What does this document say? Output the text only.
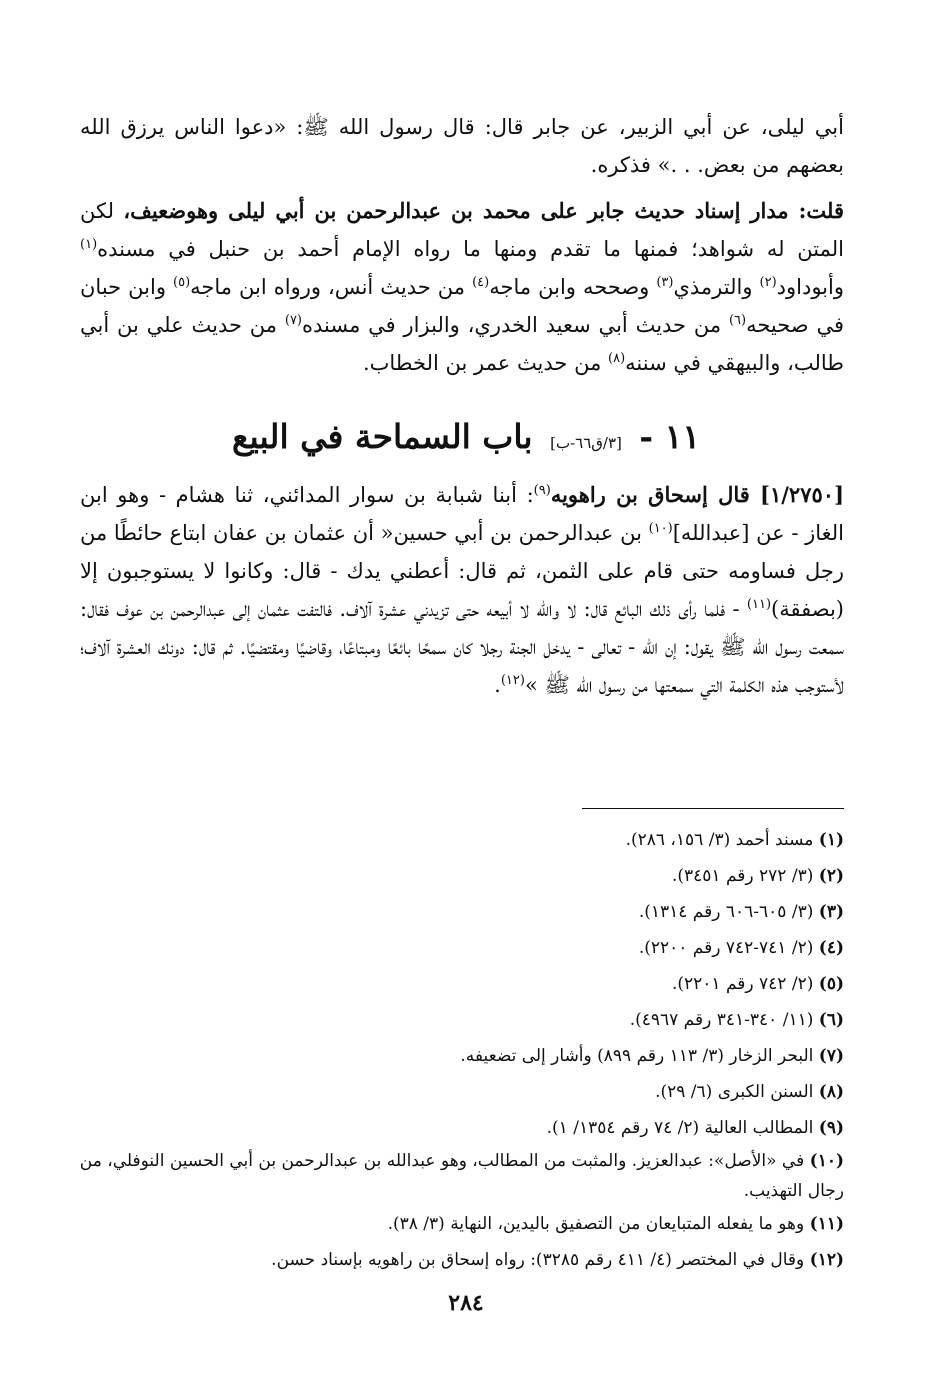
أبي ليلى، عن أبي الزبير، عن جابر قال: قال رسول الله ﷺ: «دعوا الناس يرزق الله بعضهم من بعض. . .» فذكره.

قلت: مدار إسناد حديث جابر على محمد بن عبدالرحمن بن أبي ليلى وهوضعيف، لكن المتن له شواهد؛ فمنها ما تقدم ومنها ما رواه الإمام أحمد بن حنبل في مسنده$^{(١)}$ وأبوداود$^{(٢)}$ والترمذي$^{(٣)}$ وصححه وابن ماجه$^{(٤)}$ من حديث أنس، ورواه ابن ماجه$^{(٥)}$ وابن حبان في صحيحه$^{(٦)}$ من حديث أبي سعيد الخدري، والبزار في مسنده$^{(٧)}$ من حديث علي بن أبي طالب، والبيهقي في سننه$^{(٨)}$ من حديث عمر بن الخطاب.

١١ - [٣/ق٦٦-ب] باب السماحة في البيع

[١/٢٧٥٠] قال إسحاق بن راهويه$^{(٩)}$: أبنا شبابة بن سوار المدائني، ثنا هشام - وهو ابن الغاز - عن [عبدالله]$^{(١٠)}$ بن عبدالرحمن بن أبي حسين« أن عثمان بن عفان ابتاع حائطًا من رجل فساومه حتى قام على الثمن، ثم قال: أعطني يدك - قال: وكانوا لا يستوجبون إلا (بصفقة)$^{(١١)}$ - فلما رأى ذلك البائع قال: لا والله لا أبيعه حتى تزيدني عشرة آلاف. فالتفت عثمان إلى عبدالرحمن بن عوف فقال: سمعت رسول الله ﷺ يقول: إن الله - تعالى - يدخل الجنة رجلا كان سمحًا بائعًا ومبتاعًا، وقاضيًا ومقتضيًا. ثم قال: دونك العشرة آلاف؛ لأستوجب هذه الكلمة التي سمعتها من رسول الله ﷺ »$^{(١٢)}$.

(١) مسند أحمد (٣/ ١٥٦، ٢٨٦).
(٢) (٣/ ٢٧٢ رقم ٣٤٥١).
(٣) (٣/ ٦٠٥-٦٠٦ رقم ١٣١٤).
(٤) (٢/ ٧٤١-٧٤٢ رقم ٢٢٠٠).
(٥) (٢/ ٧٤٢ رقم ٢٢٠١).
(٦) (١١/ ٣٤٠-٣٤١ رقم ٤٩٦٧).
(٧) البحر الزخار (٣/ ١١٣ رقم ٨٩٩) وأشار إلى تضعيفه.
(٨) السنن الكبرى (٦/ ٢٩).
(٩) المطالب العالية (٢/ ٧٤ رقم ١٣٥٤/ ١).
(١٠) في «الأصل»: عبدالعزيز. والمثبت من المطالب، وهو عبدالله بن عبدالرحمن بن أبي الحسين النوفلي، من رجال التهذيب.
(١١) وهو ما يفعله المتبايعان من التصفيق باليدين، النهاية (٣/ ٣٨).
(١٢) وقال في المختصر (٤/ ٤١١ رقم ٣٢٨٥): رواه إسحاق بن راهويه بإسناد حسن.
٢٨٤
